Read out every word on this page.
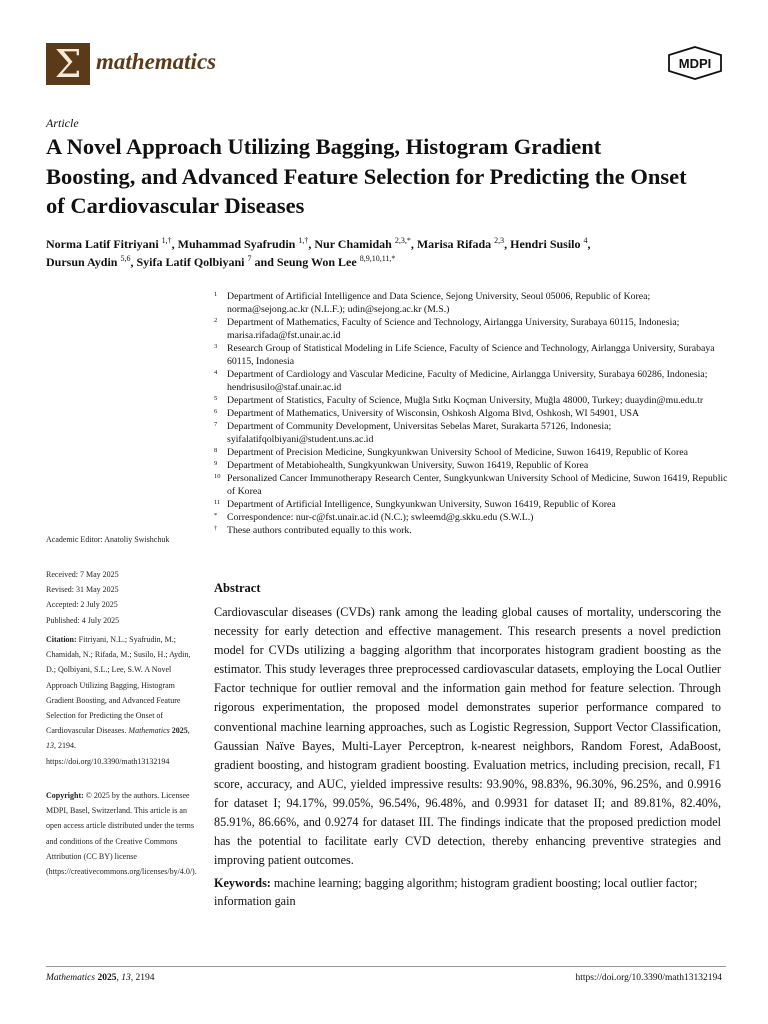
Σ mathematics	MDPI
Article
A Novel Approach Utilizing Bagging, Histogram Gradient Boosting, and Advanced Feature Selection for Predicting the Onset of Cardiovascular Diseases
Norma Latif Fitriyani $^{1,\dagger}$, Muhammad Syafrudin $^{1,\dagger}$, Nur Chamidah $^{2,3,*}$, Marisa Rifada $^{2,3}$, Hendri Susilo $^4$,
Dursun Aydin $^{5,6}$, Syifa Latif Qolbiyani $^7$ and Seung Won Lee $^{8,9,10,11,*}$
1 Department of Artificial Intelligence and Data Science, Sejong University, Seoul 05006, Republic of Korea; norma@sejong.ac.kr (N.L.F.); udin@sejong.ac.kr (M.S.)
2 Department of Mathematics, Faculty of Science and Technology, Airlangga University, Surabaya 60115, Indonesia; marisa.rifada@fst.unair.ac.id
3 Research Group of Statistical Modeling in Life Science, Faculty of Science and Technology, Airlangga University, Surabaya 60115, Indonesia
4 Department of Cardiology and Vascular Medicine, Faculty of Medicine, Airlangga University, Surabaya 60286, Indonesia; hendrisusilo@staf.unair.ac.id
5 Department of Statistics, Faculty of Science, Muğla Sıtkı Koçman University, Muğla 48000, Turkey; duaydin@mu.edu.tr
6 Department of Mathematics, University of Wisconsin, Oshkosh Algoma Blvd, Oshkosh, WI 54901, USA
7 Department of Community Development, Universitas Sebelas Maret, Surakarta 57126, Indonesia; syifalatifqolbiyani@student.uns.ac.id
8 Department of Precision Medicine, Sungkyunkwan University School of Medicine, Suwon 16419, Republic of Korea
9 Department of Metabiohealth, Sungkyunkwan University, Suwon 16419, Republic of Korea
10 Personalized Cancer Immunotherapy Research Center, Sungkyunkwan University School of Medicine, Suwon 16419, Republic of Korea
11 Department of Artificial Intelligence, Sungkyunkwan University, Suwon 16419, Republic of Korea
* Correspondence: nur-c@fst.unair.ac.id (N.C.); swleemd@g.skku.edu (S.W.L.)
† These authors contributed equally to this work.
Academic Editor: Anatoliy Swishchuk
Received: 7 May 2025
Revised: 31 May 2025
Accepted: 2 July 2025
Published: 4 July 2025
Citation: Fitriyani, N.L.; Syafrudin, M.; Chamidah, N.; Rifada, M.; Susilo, H.; Aydin, D.; Qolbiyani, S.L.; Lee, S.W. A Novel Approach Utilizing Bagging, Histogram Gradient Boosting, and Advanced Feature Selection for Predicting the Onset of Cardiovascular Diseases. Mathematics 2025, 13, 2194. https://doi.org/10.3390/math13132194
Copyright: © 2025 by the authors. Licensee MDPI, Basel, Switzerland. This article is an open access article distributed under the terms and conditions of the Creative Commons Attribution (CC BY) license (https://creativecommons.org/licenses/by/4.0/).
Abstract
Cardiovascular diseases (CVDs) rank among the leading global causes of mortality, underscoring the necessity for early detection and effective management. This research presents a novel prediction model for CVDs utilizing a bagging algorithm that incorporates histogram gradient boosting as the estimator. This study leverages three preprocessed cardiovascular datasets, employing the Local Outlier Factor technique for outlier removal and the information gain method for feature selection. Through rigorous experimentation, the proposed model demonstrates superior performance compared to conventional machine learning approaches, such as Logistic Regression, Support Vector Classification, Gaussian Naïve Bayes, Multi-Layer Perceptron, k-nearest neighbors, Random Forest, AdaBoost, gradient boosting, and histogram gradient boosting. Evaluation metrics, including precision, recall, F1 score, accuracy, and AUC, yielded impressive results: 93.90%, 98.83%, 96.30%, 96.25%, and 0.9916 for dataset I; 94.17%, 99.05%, 96.54%, 96.48%, and 0.9931 for dataset II; and 89.81%, 82.40%, 85.91%, 86.66%, and 0.9274 for dataset III. The findings indicate that the proposed prediction model has the potential to facilitate early CVD detection, thereby enhancing preventive strategies and improving patient outcomes.
Keywords: machine learning; bagging algorithm; histogram gradient boosting; local outlier factor; information gain
Mathematics 2025, 13, 2194	https://doi.org/10.3390/math13132194
